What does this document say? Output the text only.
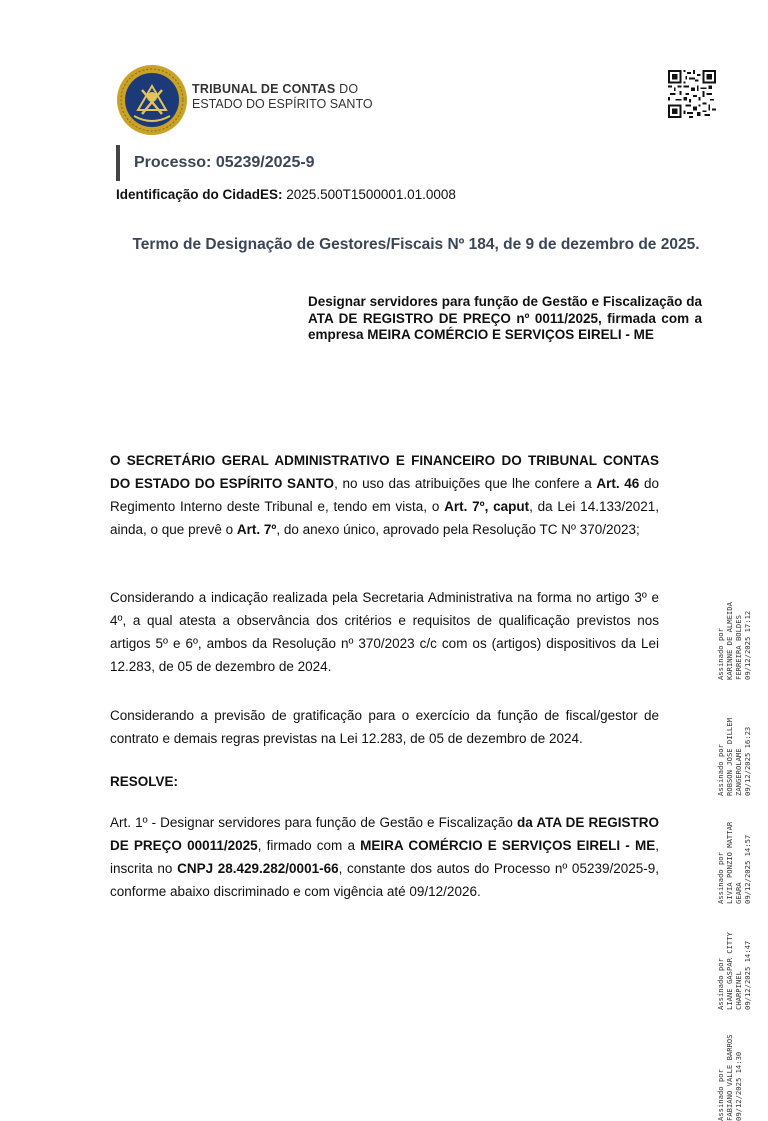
TRIBUNAL DE CONTAS DO
ESTADO DO ESPÍRITO SANTO
Processo: 05239/2025-9
Identificação do CidadES: 2025.500T1500001.01.0008
Termo de Designação de Gestores/Fiscais Nº 184, de 9 de dezembro de 2025.
Designar servidores para função de Gestão e Fiscalização da ATA DE REGISTRO DE PREÇO nº 0011/2025, firmada com a empresa MEIRA COMÉRCIO E SERVIÇOS EIRELI - ME
O SECRETÁRIO GERAL ADMINISTRATIVO E FINANCEIRO DO TRIBUNAL CONTAS DO ESTADO DO ESPÍRITO SANTO, no uso das atribuições que lhe confere a Art. 46 do Regimento Interno deste Tribunal e, tendo em vista, o Art. 7º, caput, da Lei 14.133/2021, ainda, o que prevê o Art. 7º, do anexo único, aprovado pela Resolução TC Nº 370/2023;
Considerando a indicação realizada pela Secretaria Administrativa na forma no artigo 3º e 4º, a qual atesta a observância dos critérios e requisitos de qualificação previstos nos artigos 5º e 6º, ambos da Resolução nº 370/2023 c/c com os (artigos) dispositivos da Lei 12.283, de 05 de dezembro de 2024.
Considerando a previsão de gratificação para o exercício da função de fiscal/gestor de contrato e demais regras previstas na Lei 12.283, de 05 de dezembro de 2024.
RESOLVE:
Art. 1º - Designar servidores para função de Gestão e Fiscalização da ATA DE REGISTRO DE PREÇO 00011/2025, firmado com a MEIRA COMÉRCIO E SERVIÇOS EIRELI - ME, inscrita no CNPJ 28.429.282/0001-66, constante dos autos do Processo nº 05239/2025-9, conforme abaixo discriminado e com vigência até 09/12/2026.
Assinado por KARINNE DE ALMEIDA FERREIRA BOLDES 09/12/2025 17:12
Assinado por ROBSON JOSE DILLEM ZANGEROLAME 09/12/2025 16:23
Assinado por LIVIA PONZIO MATTAR GEARA 09/12/2025 14:57
Assinado por LIANE GASPAR CITTY CHARPINEL 09/12/2025 14:47
Assinado por FABIANO VALLE BARROS 09/12/2025 14:30
